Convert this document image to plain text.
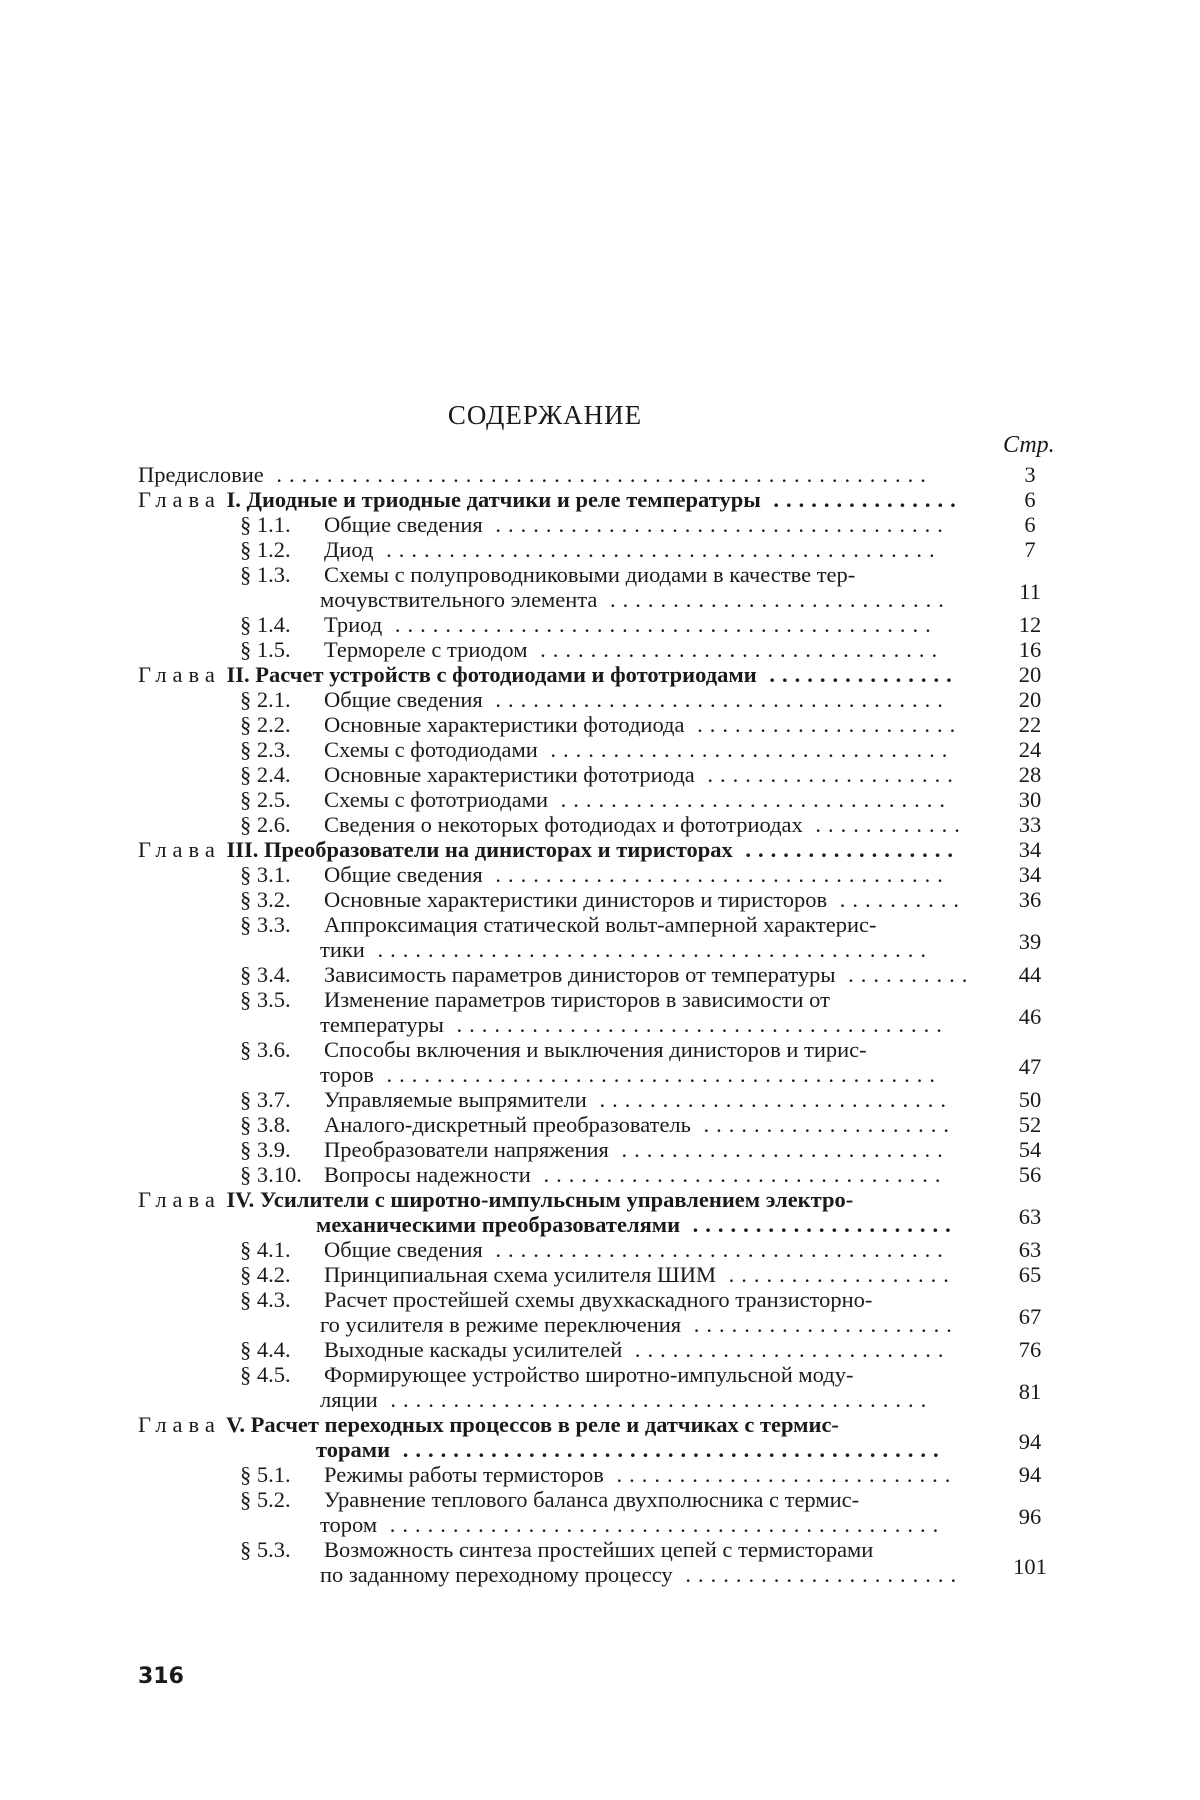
СОДЕРЖАНИЕ
Стр.
Предисловие ....................................................	3
Глава I. Диодные и триодные датчики и реле температуры ...............	6
§ 1.1. Общие сведения ....................................	6
§ 1.2. Диод ............................................	7
§ 1.3. Схемы с полупроводниковыми диодами в качестве тер-
мочувствительного элемента ...........................	11
§ 1.4. Триод ...........................................	12
§ 1.5. Термореле с триодом ................................	16
Глава II. Расчет устройств с фотодиодами и фототриодами ...............	20
§ 2.1. Общие сведения ....................................	20
§ 2.2. Основные характеристики фотодиода .....................	22
§ 2.3. Схемы с фотодиодами ................................	24
§ 2.4. Основные характеристики фототриода ....................	28
§ 2.5. Схемы с фототриодами ...............................	30
§ 2.6. Сведения о некоторых фотодиодах и фототриодах ............	33
Глава III. Преобразователи на динисторах и тиристорах .................	34
§ 3.1. Общие сведения ....................................	34
§ 3.2. Основные характеристики динисторов и тиристоров ..........	36
§ 3.3. Аппроксимация статической вольт-амперной характерис-
тики ............................................	39
§ 3.4. Зависимость параметров динисторов от температуры ..........	44
§ 3.5. Изменение параметров тиристоров в зависимости от
температуры .......................................	46
§ 3.6. Способы включения и выключения динисторов и тирис-
торов ............................................	47
§ 3.7. Управляемые выпрямители ............................	50
§ 3.8. Аналого-дискретный преобразователь ....................	52
§ 3.9. Преобразователи напряжения ..........................	54
§ 3.10. Вопросы надежности ................................	56
Глава IV. Усилители с широтно-импульсным управлением электро-
механическими преобразователями .....................	63
§ 4.1. Общие сведения ....................................	63
§ 4.2. Принципиальная схема усилителя ШИМ ..................	65
§ 4.3. Расчет простейшей схемы двухкаскадного транзисторно-
го усилителя в режиме переключения .....................	67
§ 4.4. Выходные каскады усилителей .........................	76
§ 4.5. Формирующее устройство широтно-импульсной моду-
ляции ...........................................	81
Глава V. Расчет переходных процессов в реле и датчиках с термис-
торами ...........................................	94
§ 5.1. Режимы работы термисторов ...........................	94
§ 5.2. Уравнение теплового баланса двухполюсника с термис-
тором ............................................	96
§ 5.3. Возможность синтеза простейших цепей с термисторами
по заданному переходному процессу ......................	101
316
